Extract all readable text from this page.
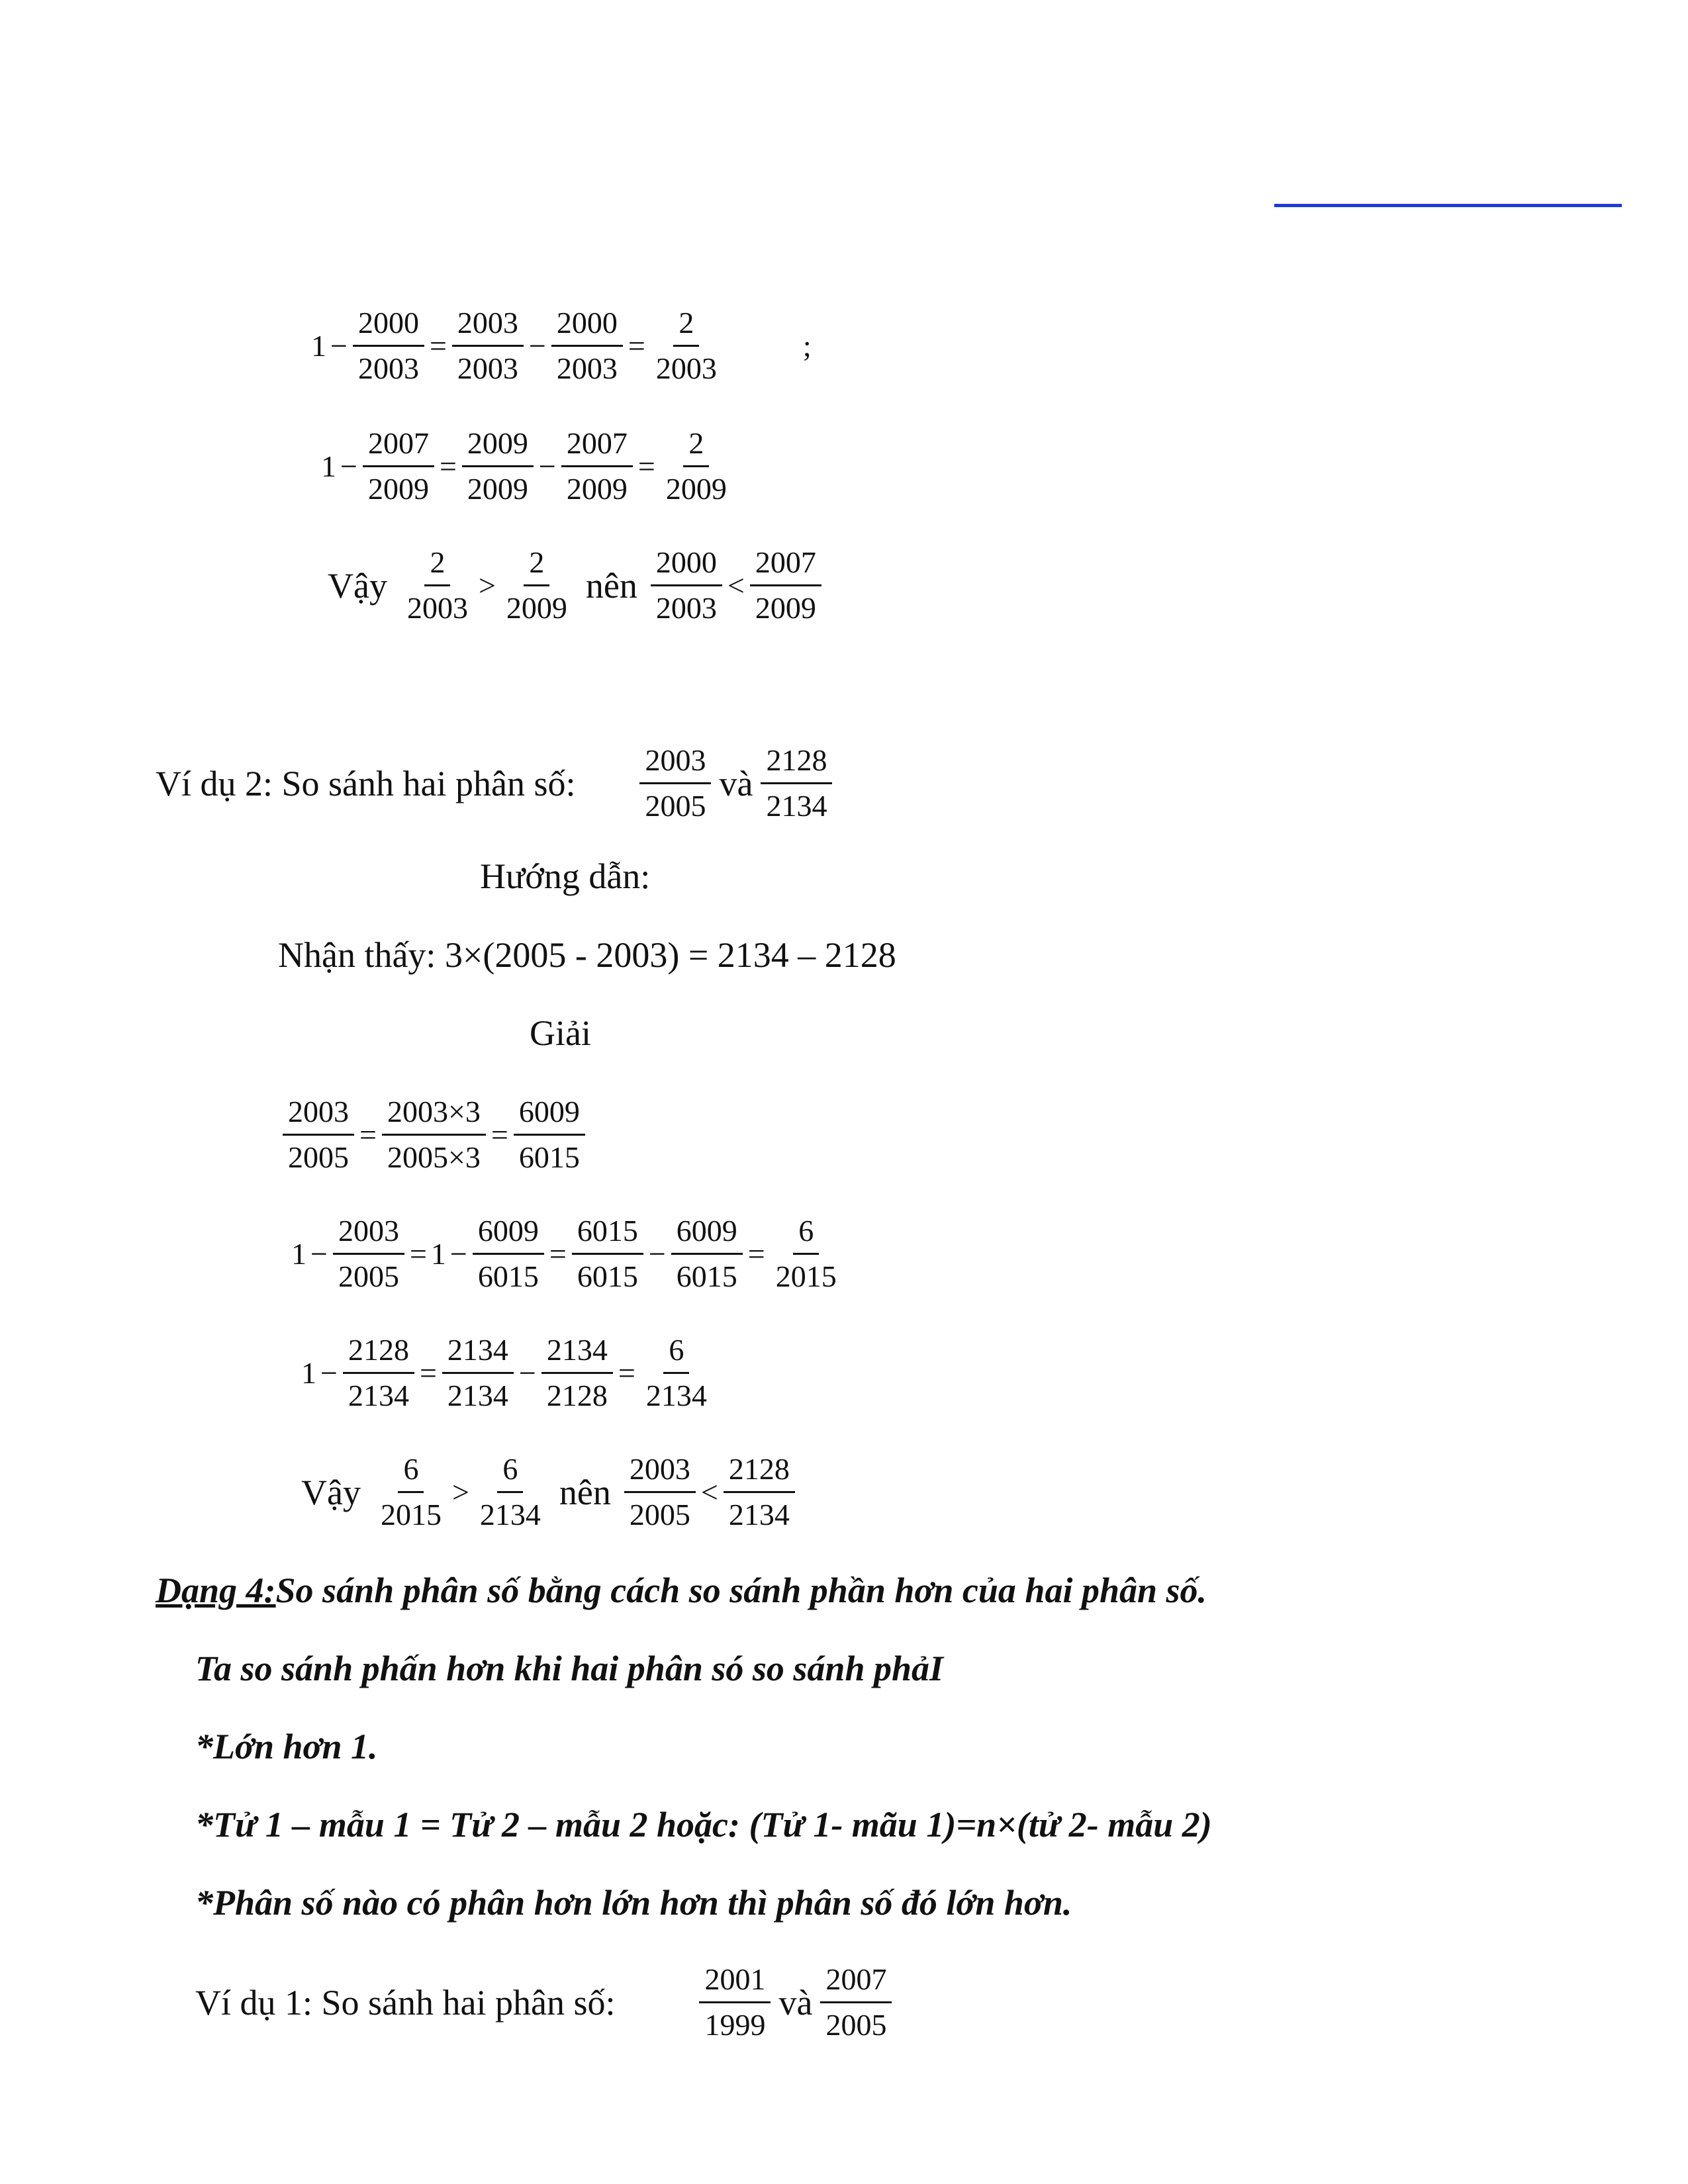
$1 - \frac{2000}{2003} = \frac{2003}{2003} - \frac{2000}{2003} = \frac{2}{2003}$	;
$1 - \frac{2007}{2009} = \frac{2009}{2009} - \frac{2007}{2009} = \frac{2}{2009}$
Vậy $\frac{2}{2003} > \frac{2}{2009}$ nên $\frac{2000}{2003} < \frac{2007}{2009}$
Ví dụ 2: So sánh hai phân số: $\frac{2003}{2005}$ và $\frac{2128}{2134}$
Hướng dẫn:
Nhận thấy: 3×(2005 - 2003) = 2134 – 2128
Giải
$\frac{2003}{2005} = \frac{2003\times 3}{2005\times 3} = \frac{6009}{6015}$
$1 - \frac{2003}{2005} = 1 - \frac{6009}{6015} = \frac{6015}{6015} - \frac{6009}{6015} = \frac{6}{2015}$
$1 - \frac{2128}{2134} = \frac{2134}{2134} - \frac{2134}{2128} = \frac{6}{2134}$
Vậy $\frac{6}{2015} > \frac{6}{2134}$ nên $\frac{2003}{2005} < \frac{2128}{2134}$
Dạng 4: So sánh phân số bằng cách so sánh phần hơn của hai phân số.
Ta so sánh phấn hơn khi hai phân só so sánh phảI
*Lớn hơn 1.
*Tử 1 – mẫu 1 = Tử 2 – mẫu 2 hoặc: (Tử 1- mãu 1)=n×(tử 2- mẫu 2)
*Phân số nào có phân hơn lớn hơn thì phân số đó lớn hơn.
Ví dụ 1: So sánh hai phân số:	$\frac{2001}{1999}$ và $\frac{2007}{2005}$
